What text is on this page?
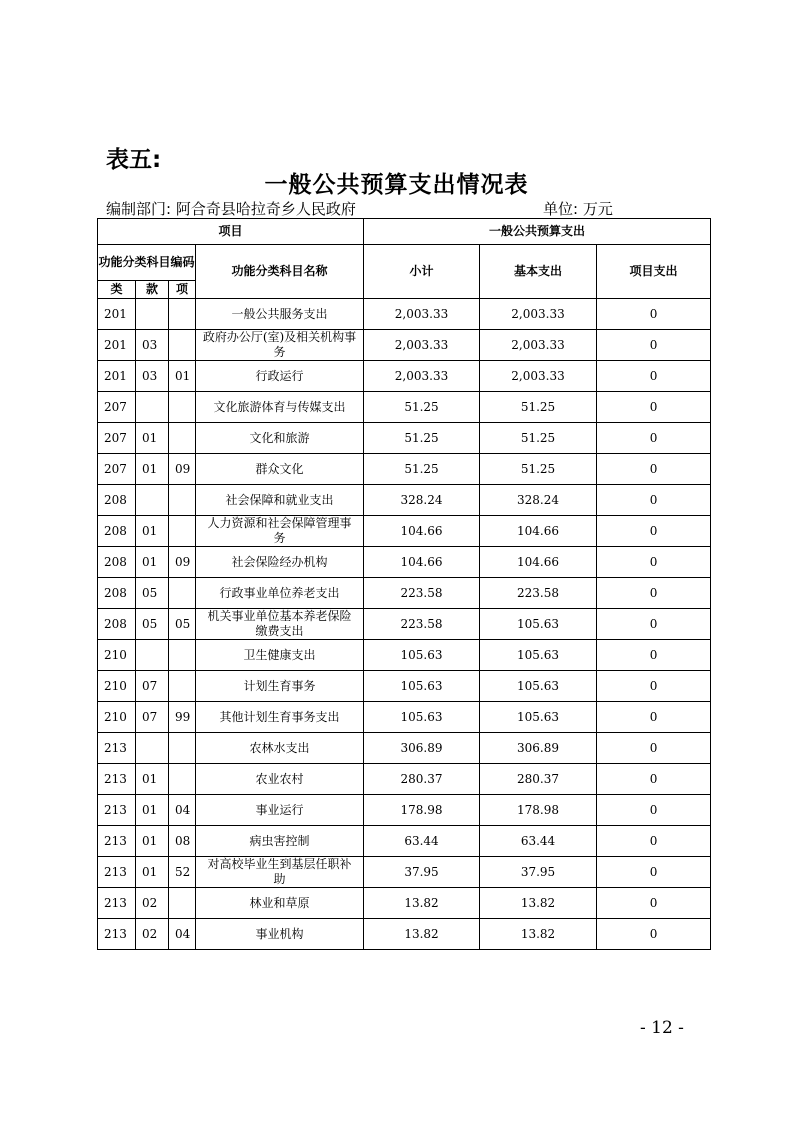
表五:
一般公共预算支出情况表
编制部门: 阿合奇县哈拉奇乡人民政府	单位: 万元
项目				一般公共预算支出		
功能分类科目编码			功能分类科目名称	小计	基本支出	项目支出
类	款	项				
201			一般公共服务支出	2,003.33	2,003.33	0
201	03		政府办公厅(室)及相关机构事务	2,003.33	2,003.33	0
201	03	01	行政运行	2,003.33	2,003.33	0
207			文化旅游体育与传媒支出	51.25	51.25	0
207	01		文化和旅游	51.25	51.25	0
207	01	09	群众文化	51.25	51.25	0
208			社会保障和就业支出	328.24	328.24	0
208	01		人力资源和社会保障管理事务	104.66	104.66	0
208	01	09	社会保险经办机构	104.66	104.66	0
208	05		行政事业单位养老支出	223.58	223.58	0
208	05	05	机关事业单位基本养老保险缴费支出	223.58	105.63	0
210			卫生健康支出	105.63	105.63	0
210	07		计划生育事务	105.63	105.63	0
210	07	99	其他计划生育事务支出	105.63	105.63	0
213			农林水支出	306.89	306.89	0
213	01		农业农村	280.37	280.37	0
213	01	04	事业运行	178.98	178.98	0
213	01	08	病虫害控制	63.44	63.44	0
213	01	52	对高校毕业生到基层任职补助	37.95	37.95	0
213	02		林业和草原	13.82	13.82	0
213	02	04	事业机构	13.82	13.82	0
- 12 -
